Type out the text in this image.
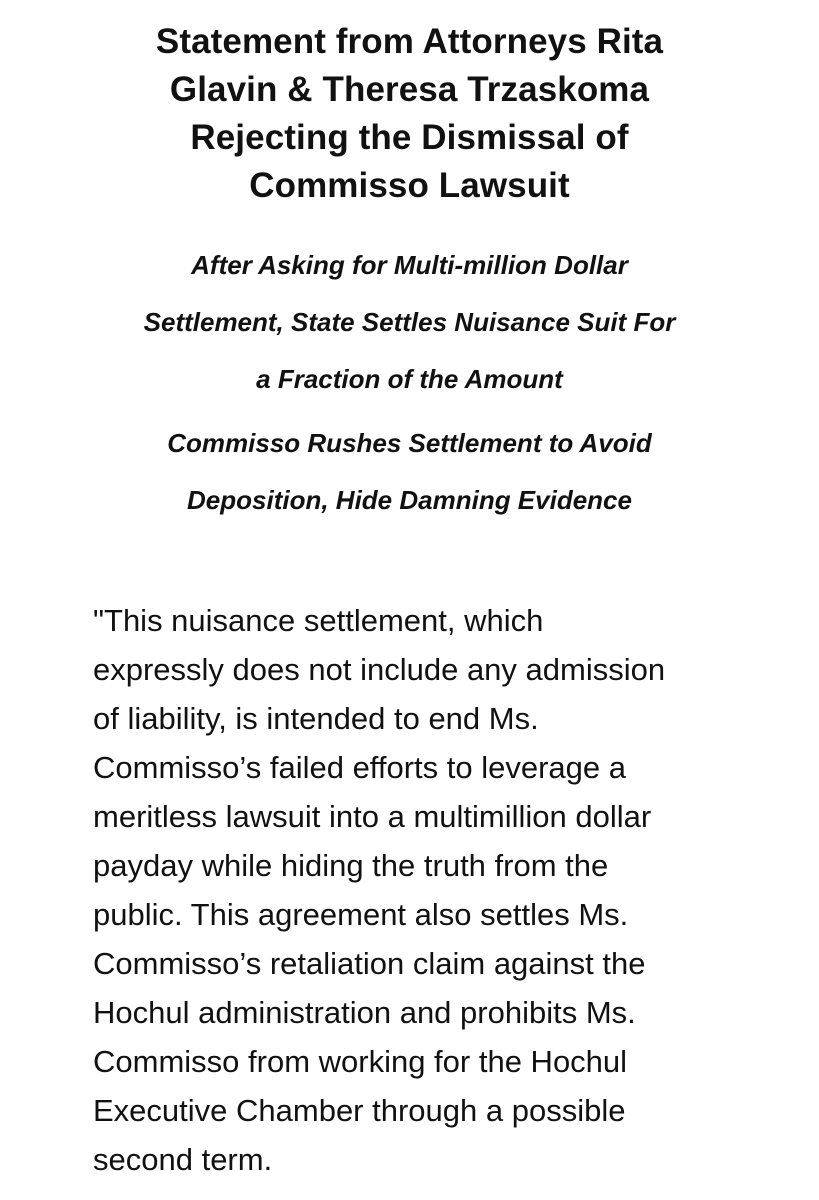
Statement from Attorneys Rita
Glavin & Theresa Trzaskoma
Rejecting the Dismissal of
Commisso Lawsuit
After Asking for Multi-million Dollar
Settlement, State Settles Nuisance Suit For
a Fraction of the Amount
Commisso Rushes Settlement to Avoid
Deposition, Hide Damning Evidence

"This nuisance settlement, which
expressly does not include any admission
of liability, is intended to end Ms.
Commisso’s failed efforts to leverage a
meritless lawsuit into a multimillion dollar
payday while hiding the truth from the
public. This agreement also settles Ms.
Commisso’s retaliation claim against the
Hochul administration and prohibits Ms.
Commisso from working for the Hochul
Executive Chamber through a possible
second term.
